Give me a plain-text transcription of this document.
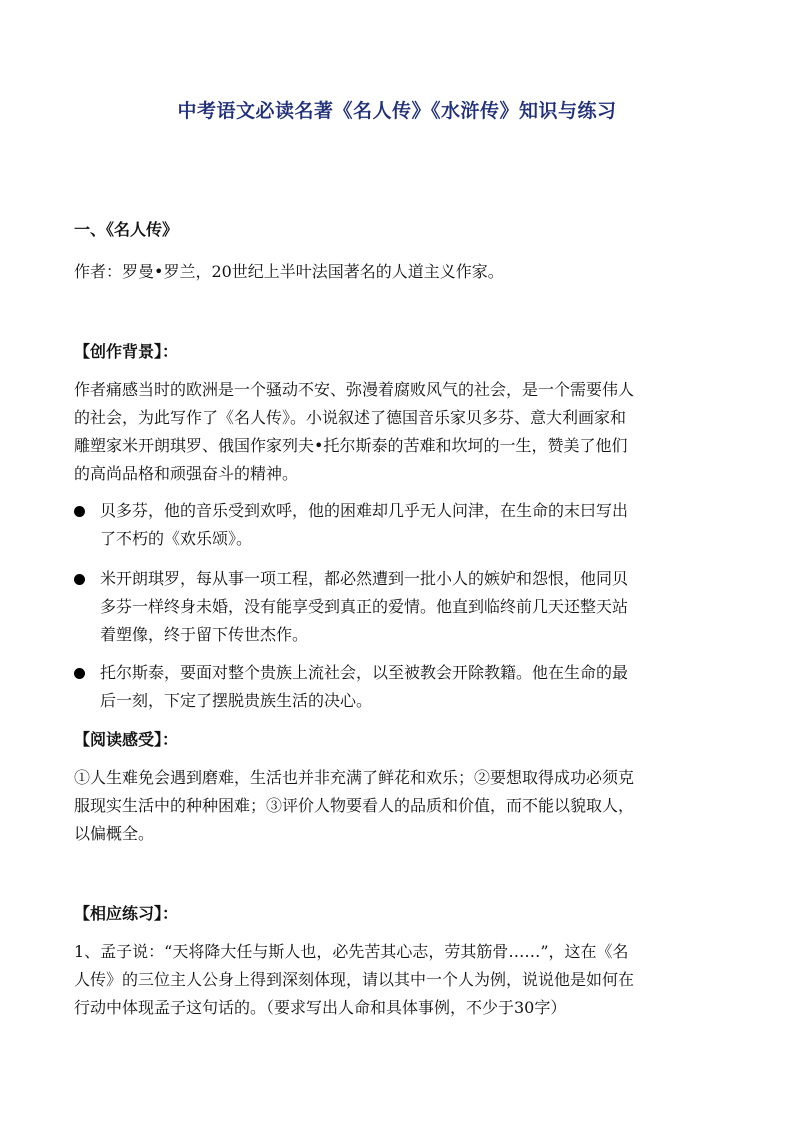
中考语文必读名著《名人传》《水浒传》知识与练习
一、《名人传》
作者：罗曼•罗兰，20世纪上半叶法国著名的人道主义作家。
【创作背景】：
作者痛感当时的欧洲是一个骚动不安、弥漫着腐败风气的社会，是一个需要伟人
的社会，为此写作了《名人传》。小说叙述了德国音乐家贝多芬、意大利画家和
雕塑家米开朗琪罗、俄国作家列夫•托尔斯泰的苦难和坎坷的一生，赞美了他们
的高尚品格和顽强奋斗的精神。
贝多芬，他的音乐受到欢呼，他的困难却几乎无人问津，在生命的末曰写出
了不朽的《欢乐颂》。
米开朗琪罗，每从事一项工程，都必然遭到一批小人的嫉妒和怨恨，他同贝
多芬一样终身未婚，没有能享受到真正的爱情。他直到临终前几天还整天站
着塑像，终于留下传世杰作。
托尔斯泰，要面对整个贵族上流社会，以至被教会开除教籍。他在生命的最
后一刻，下定了摆脱贵族生活的决心。
【阅读感受】：
①人生难免会遇到磨难，生活也并非充满了鲜花和欢乐；②要想取得成功必须克
服现实生活中的种种困难；③评价人物要看人的品质和价值，而不能以貌取人，
以偏概全。
【相应练习】：
1、孟子说：“天将降大任与斯人也，必先苦其心志，劳其筋骨……”，这在《名
人传》的三位主人公身上得到深刻体现，请以其中一个人为例，说说他是如何在
行动中体现孟子这句话的。（要求写出人命和具体事例，不少于30字）
